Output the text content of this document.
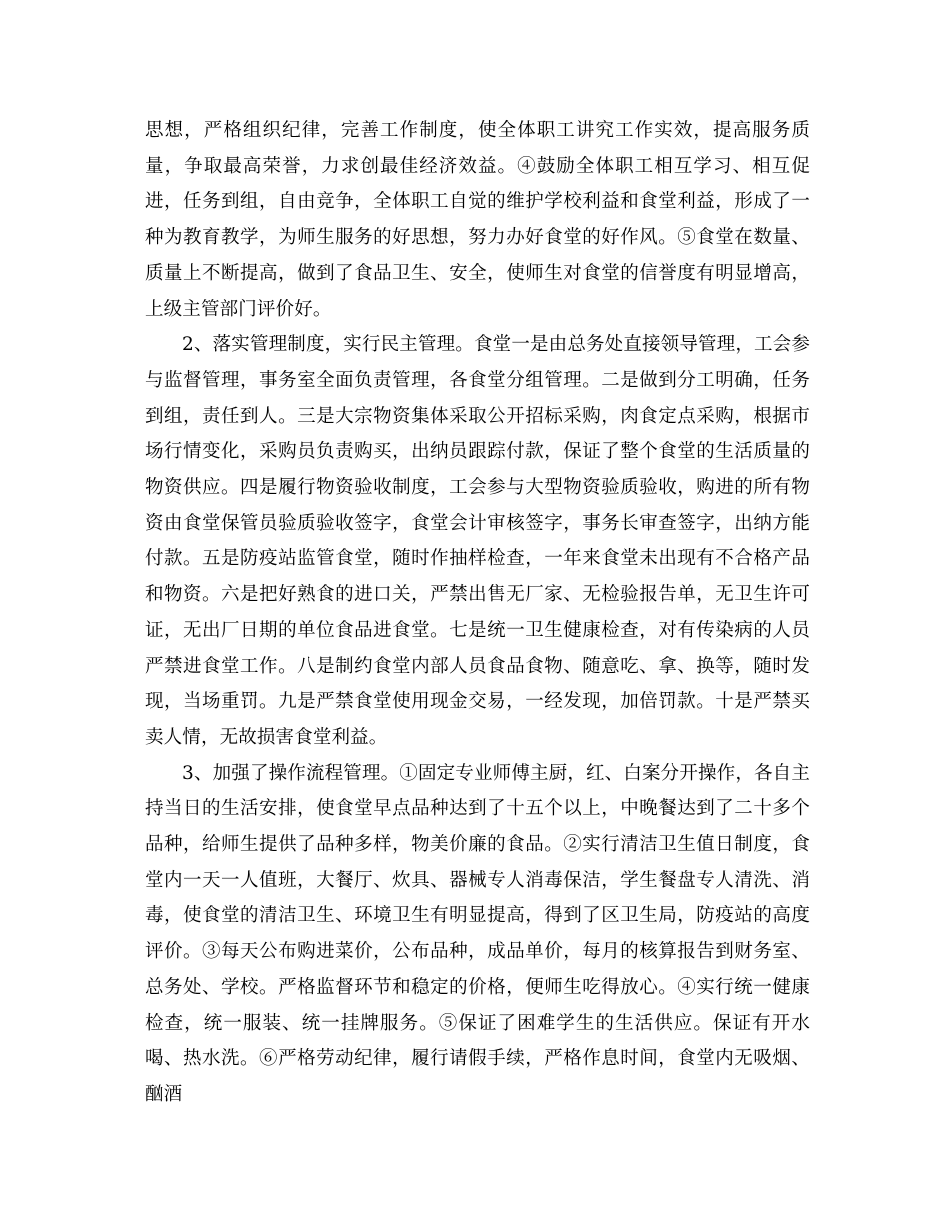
思想，严格组织纪律，完善工作制度，使全体职工讲究工作实效，提高服务质量，争取最高荣誉，力求创最佳经济效益。④鼓励全体职工相互学习、相互促进，任务到组，自由竞争，全体职工自觉的维护学校利益和食堂利益，形成了一种为教育教学，为师生服务的好思想，努力办好食堂的好作风。⑤食堂在数量、质量上不断提高，做到了食品卫生、安全，使师生对食堂的信誉度有明显增高，上级主管部门评价好。

2、落实管理制度，实行民主管理。食堂一是由总务处直接领导管理，工会参与监督管理，事务室全面负责管理，各食堂分组管理。二是做到分工明确，任务到组，责任到人。三是大宗物资集体采取公开招标采购，肉食定点采购，根据市场行情变化，采购员负责购买，出纳员跟踪付款，保证了整个食堂的生活质量的物资供应。四是履行物资验收制度，工会参与大型物资验质验收，购进的所有物资由食堂保管员验质验收签字，食堂会计审核签字，事务长审查签字，出纳方能付款。五是防疫站监管食堂，随时作抽样检查，一年来食堂未出现有不合格产品和物资。六是把好熟食的进口关，严禁出售无厂家、无检验报告单，无卫生许可证，无出厂日期的单位食品进食堂。七是统一卫生健康检查，对有传染病的人员严禁进食堂工作。八是制约食堂内部人员食品食物、随意吃、拿、换等，随时发现，当场重罚。九是严禁食堂使用现金交易，一经发现，加倍罚款。十是严禁买卖人情，无故损害食堂利益。

3、加强了操作流程管理。①固定专业师傅主厨，红、白案分开操作，各自主持当日的生活安排，使食堂早点品种达到了十五个以上，中晚餐达到了二十多个品种，给师生提供了品种多样，物美价廉的食品。②实行清洁卫生值日制度，食堂内一天一人值班，大餐厅、炊具、器械专人消毒保洁，学生餐盘专人清洗、消毒，使食堂的清洁卫生、环境卫生有明显提高，得到了区卫生局，防疫站的高度评价。③每天公布购进菜价，公布品种，成品单价，每月的核算报告到财务室、总务处、学校。严格监督环节和稳定的价格，便师生吃得放心。④实行统一健康检查，统一服装、统一挂牌服务。⑤保证了困难学生的生活供应。保证有开水喝、热水洗。⑥严格劳动纪律，履行请假手续，严格作息时间，食堂内无吸烟、酗酒
